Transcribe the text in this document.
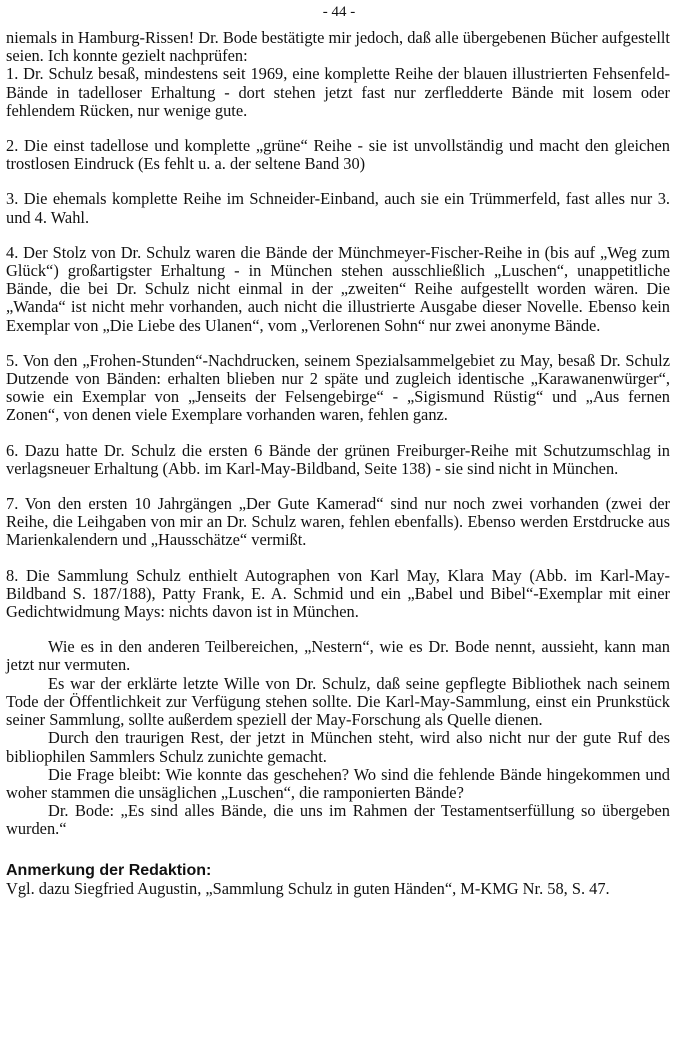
- 44 -

niemals in Hamburg-Rissen! Dr. Bode bestätigte mir jedoch, daß alle übergebenen Bücher aufgestellt seien. Ich konnte gezielt nachprüfen:

1. Dr. Schulz besaß, mindestens seit 1969, eine komplette Reihe der blauen illustrierten Fehsenfeld-Bände in tadelloser Erhaltung - dort stehen jetzt fast nur zerfledderte Bände mit losem oder fehlendem Rücken, nur wenige gute.

2. Die einst tadellose und komplette „grüne“ Reihe - sie ist unvollständig und macht den gleichen trostlosen Eindruck (Es fehlt u. a. der seltene Band 30)

3. Die ehemals komplette Reihe im Schneider-Einband, auch sie ein Trümmerfeld, fast alles nur 3. und 4. Wahl.

4. Der Stolz von Dr. Schulz waren die Bände der Münchmeyer-Fischer-Reihe in (bis auf „Weg zum Glück“) großartigster Erhaltung - in München stehen ausschließlich „Luschen“, unappetitliche Bände, die bei Dr. Schulz nicht einmal in der „zweiten“ Reihe aufgestellt worden wären. Die „Wanda“ ist nicht mehr vorhanden, auch nicht die illustrierte Ausgabe dieser Novelle. Ebenso kein Exemplar von „Die Liebe des Ulanen“, vom „Verlorenen Sohn“ nur zwei anonyme Bände.

5. Von den „Frohen-Stunden“-Nachdrucken, seinem Spezialsammelgebiet zu May, besaß Dr. Schulz Dutzende von Bänden: erhalten blieben nur 2 späte und zugleich identische „Karawanenwürger“, sowie ein Exemplar von „Jenseits der Felsengebirge“ - „Sigismund Rüstig“ und „Aus fernen Zonen“, von denen viele Exemplare vorhanden waren, fehlen ganz.

6. Dazu hatte Dr. Schulz die ersten 6 Bände der grünen Freiburger-Reihe mit Schutzumschlag in verlagsneuer Erhaltung (Abb. im Karl-May-Bildband, Seite 138) - sie sind nicht in München.

7. Von den ersten 10 Jahrgängen „Der Gute Kamerad“ sind nur noch zwei vorhanden (zwei der Reihe, die Leihgaben von mir an Dr. Schulz waren, fehlen ebenfalls). Ebenso werden Erstdrucke aus Marienkalendern und „Hausschätze“ vermißt.

8. Die Sammlung Schulz enthielt Autographen von Karl May, Klara May (Abb. im Karl-May-Bildband S. 187/188), Patty Frank, E. A. Schmid und ein „Babel und Bibel“-Exemplar mit einer Gedichtwidmung Mays: nichts davon ist in München.

Wie es in den anderen Teilbereichen, „Nestern“, wie es Dr. Bode nennt, aussieht, kann man jetzt nur vermuten.

Es war der erklärte letzte Wille von Dr. Schulz, daß seine gepflegte Bibliothek nach seinem Tode der Öffentlichkeit zur Verfügung stehen sollte. Die Karl-May-Sammlung, einst ein Prunkstück seiner Sammlung, sollte außerdem speziell der May-Forschung als Quelle dienen.

Durch den traurigen Rest, der jetzt in München steht, wird also nicht nur der gute Ruf des bibliophilen Sammlers Schulz zunichte gemacht.

Die Frage bleibt: Wie konnte das geschehen? Wo sind die fehlende Bände hingekommen und woher stammen die unsäglichen „Luschen“, die ramponierten Bände?

Dr. Bode: „Es sind alles Bände, die uns im Rahmen der Testamentserfüllung so übergeben wurden.“

Anmerkung der Redaktion:

Vgl. dazu Siegfried Augustin, „Sammlung Schulz in guten Händen“, M-KMG Nr. 58, S. 47.
